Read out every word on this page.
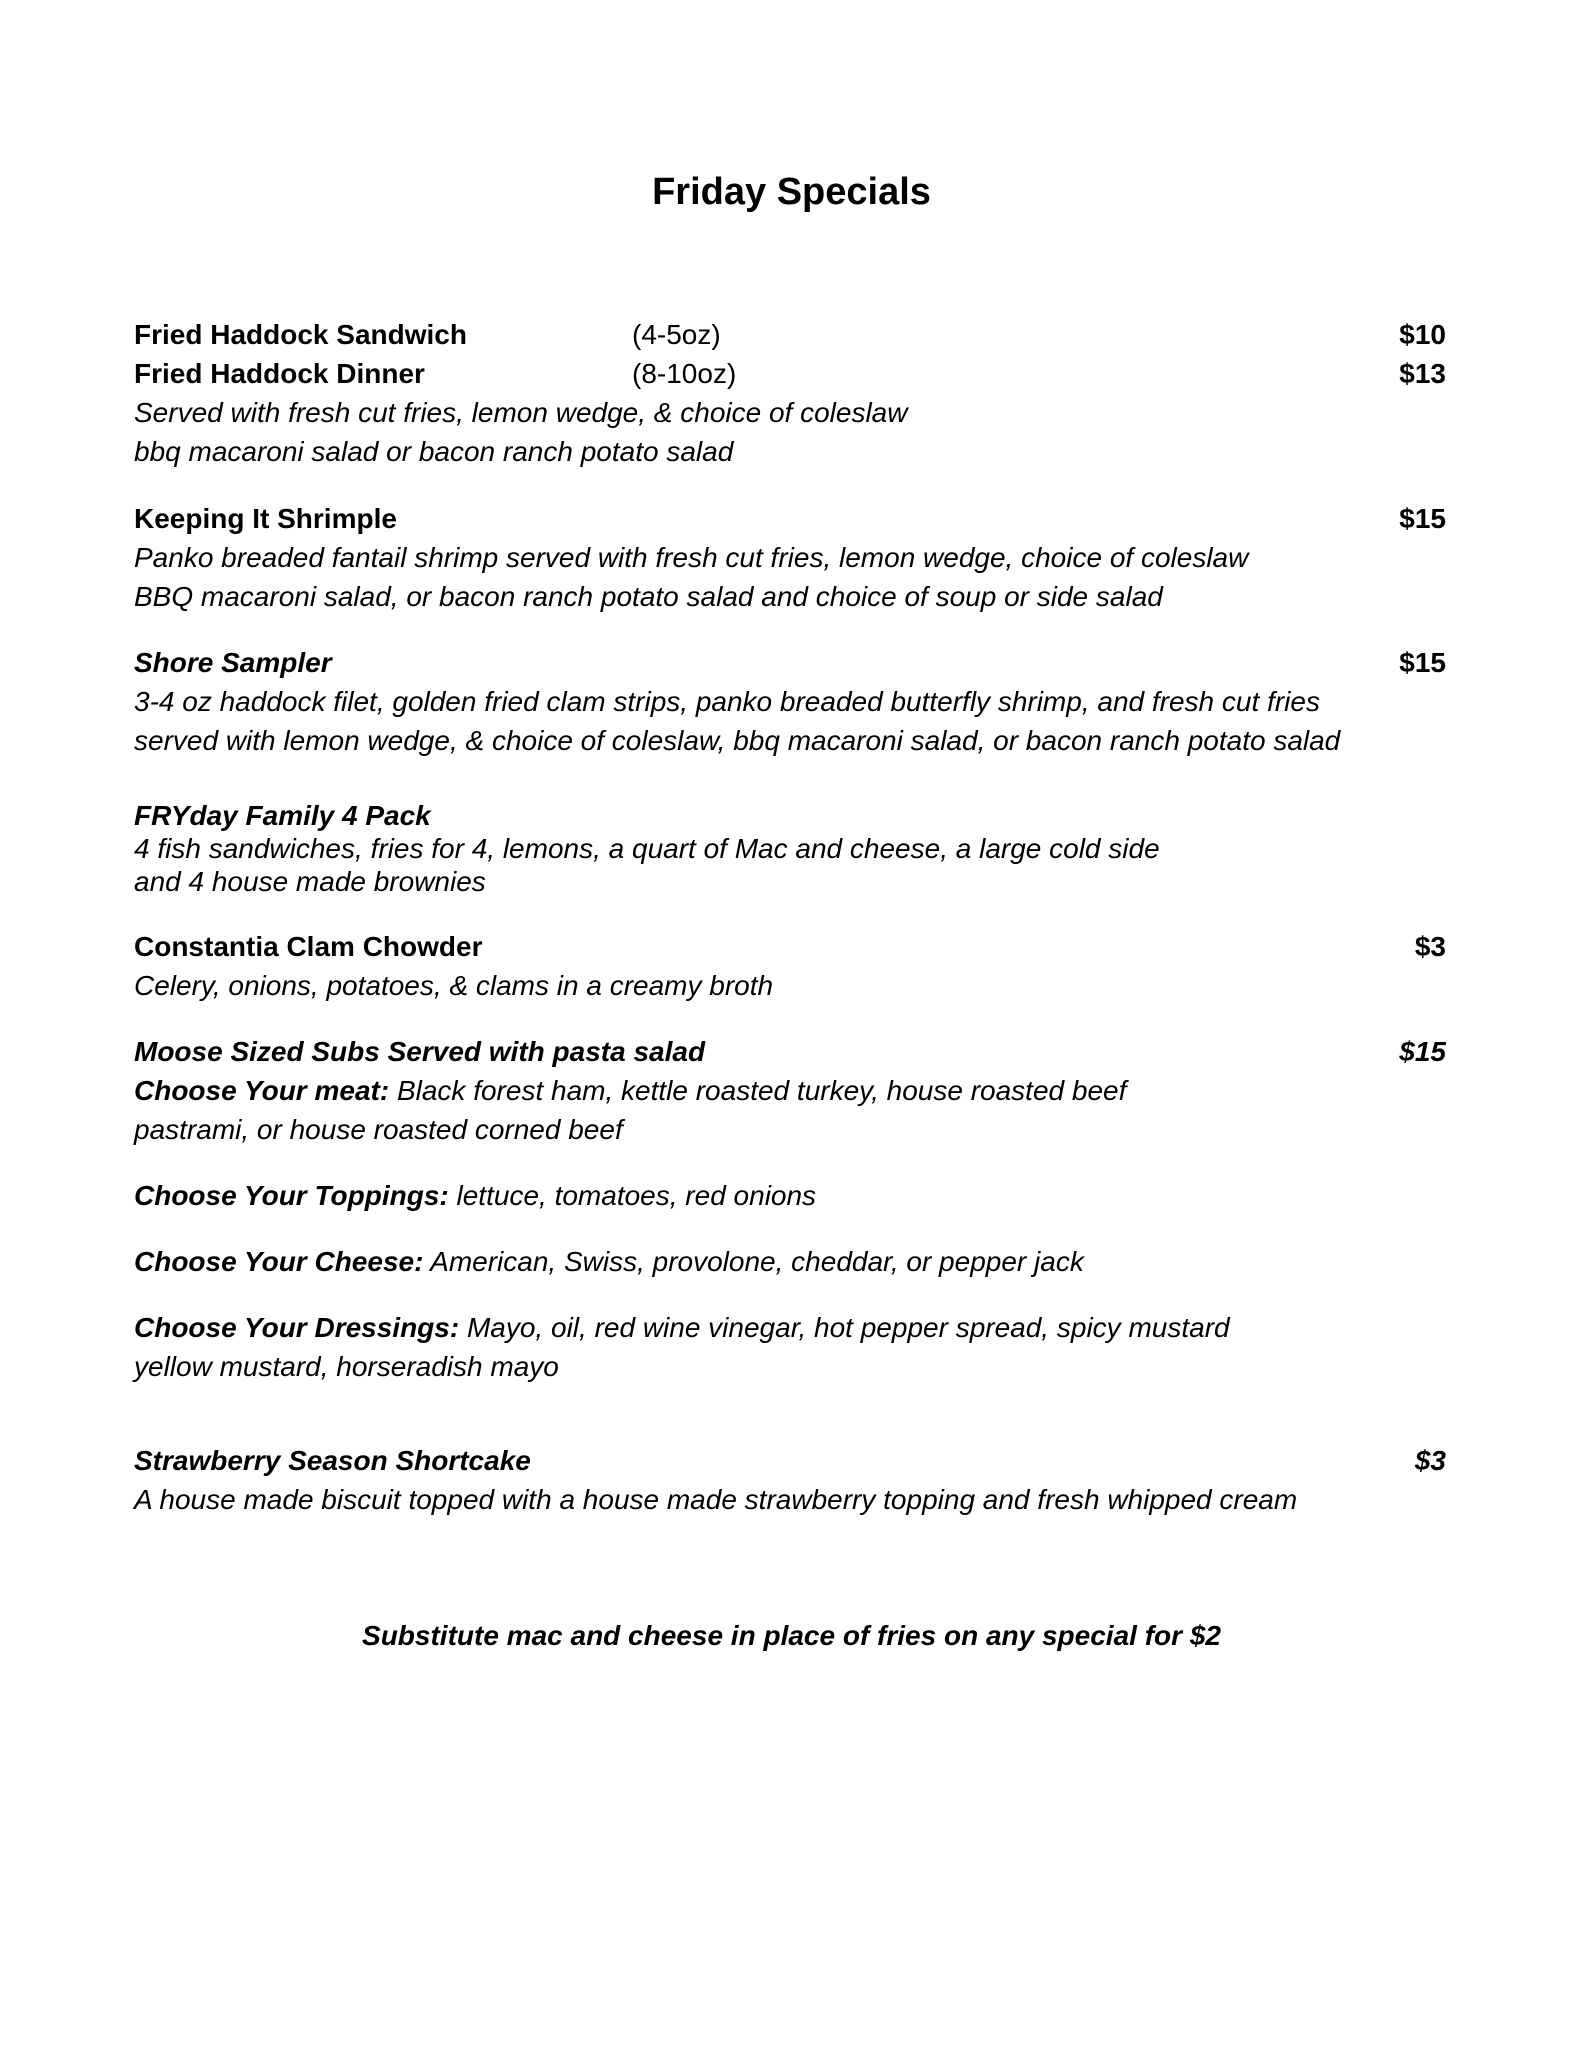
Friday Specials
Fried Haddock Sandwich	(4-5oz)	$10
Fried Haddock Dinner	(8-10oz)	$13
Served with fresh cut fries, lemon wedge, & choice of coleslaw
bbq macaroni salad or bacon ranch potato salad
Keeping It Shrimple	$15
Panko breaded fantail shrimp served with fresh cut fries, lemon wedge, choice of coleslaw
BBQ macaroni salad, or bacon ranch potato salad and choice of soup or side salad
Shore Sampler	$15
3-4 oz haddock filet, golden fried clam strips, panko breaded butterfly shrimp, and fresh cut fries
served with lemon wedge, & choice of coleslaw, bbq macaroni salad, or bacon ranch potato salad
FRYday Family 4 Pack
4 fish sandwiches, fries for 4, lemons, a quart of Mac and cheese, a large cold side
and 4 house made brownies
Constantia Clam Chowder	$3
Celery, onions, potatoes, & clams in a creamy broth
Moose Sized Subs Served with pasta salad	$15
Choose Your meat: Black forest ham, kettle roasted turkey, house roasted beef
pastrami, or house roasted corned beef
Choose Your Toppings: lettuce, tomatoes, red onions
Choose Your Cheese: American, Swiss, provolone, cheddar, or pepper jack
Choose Your Dressings: Mayo, oil, red wine vinegar, hot pepper spread, spicy mustard
yellow mustard, horseradish mayo
Strawberry Season Shortcake	$3
A house made biscuit topped with a house made strawberry topping and fresh whipped cream
Substitute mac and cheese in place of fries on any special for $2
